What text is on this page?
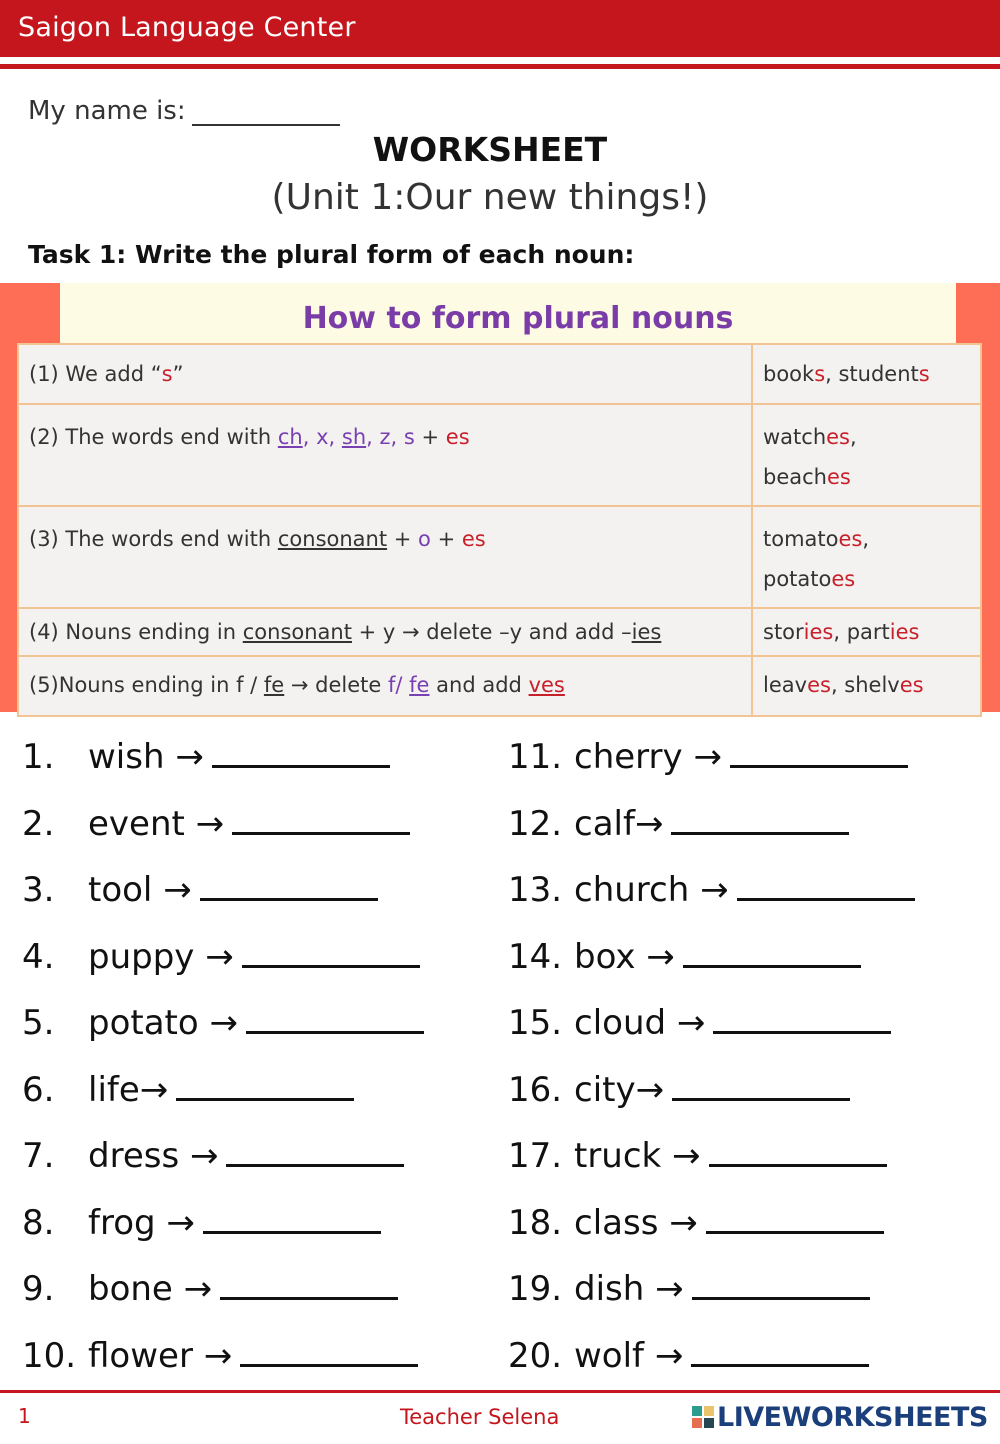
Saigon Language Center
My name is:
WORKSHEET
(Unit 1:Our new things!)
Task 1: Write the plural form of each noun:
How to form plural nouns
(1) We add “s”	books, students
(2) The words end with ch, x, sh, z, s + es	watches,
beaches
(3) The words end with consonant + o + es	tomatoes,
potatoes
(4) Nouns ending in consonant + y → delete –y and add –ies	stories, parties
(5)Nouns ending in f / fe → delete f/ fe and add ves	leaves, shelves
1. wish →
2. event →
3. tool →
4. puppy →
5. potato →
6. life→
7. dress →
8. frog →
9. bone →
10. flower →
11. cherry →
12. calf→
13. church →
14. box →
15. cloud →
16. city→
17. truck →
18. class →
19. dish →
20. wolf →
1	Teacher Selena	LIVEWORKSHEETS
